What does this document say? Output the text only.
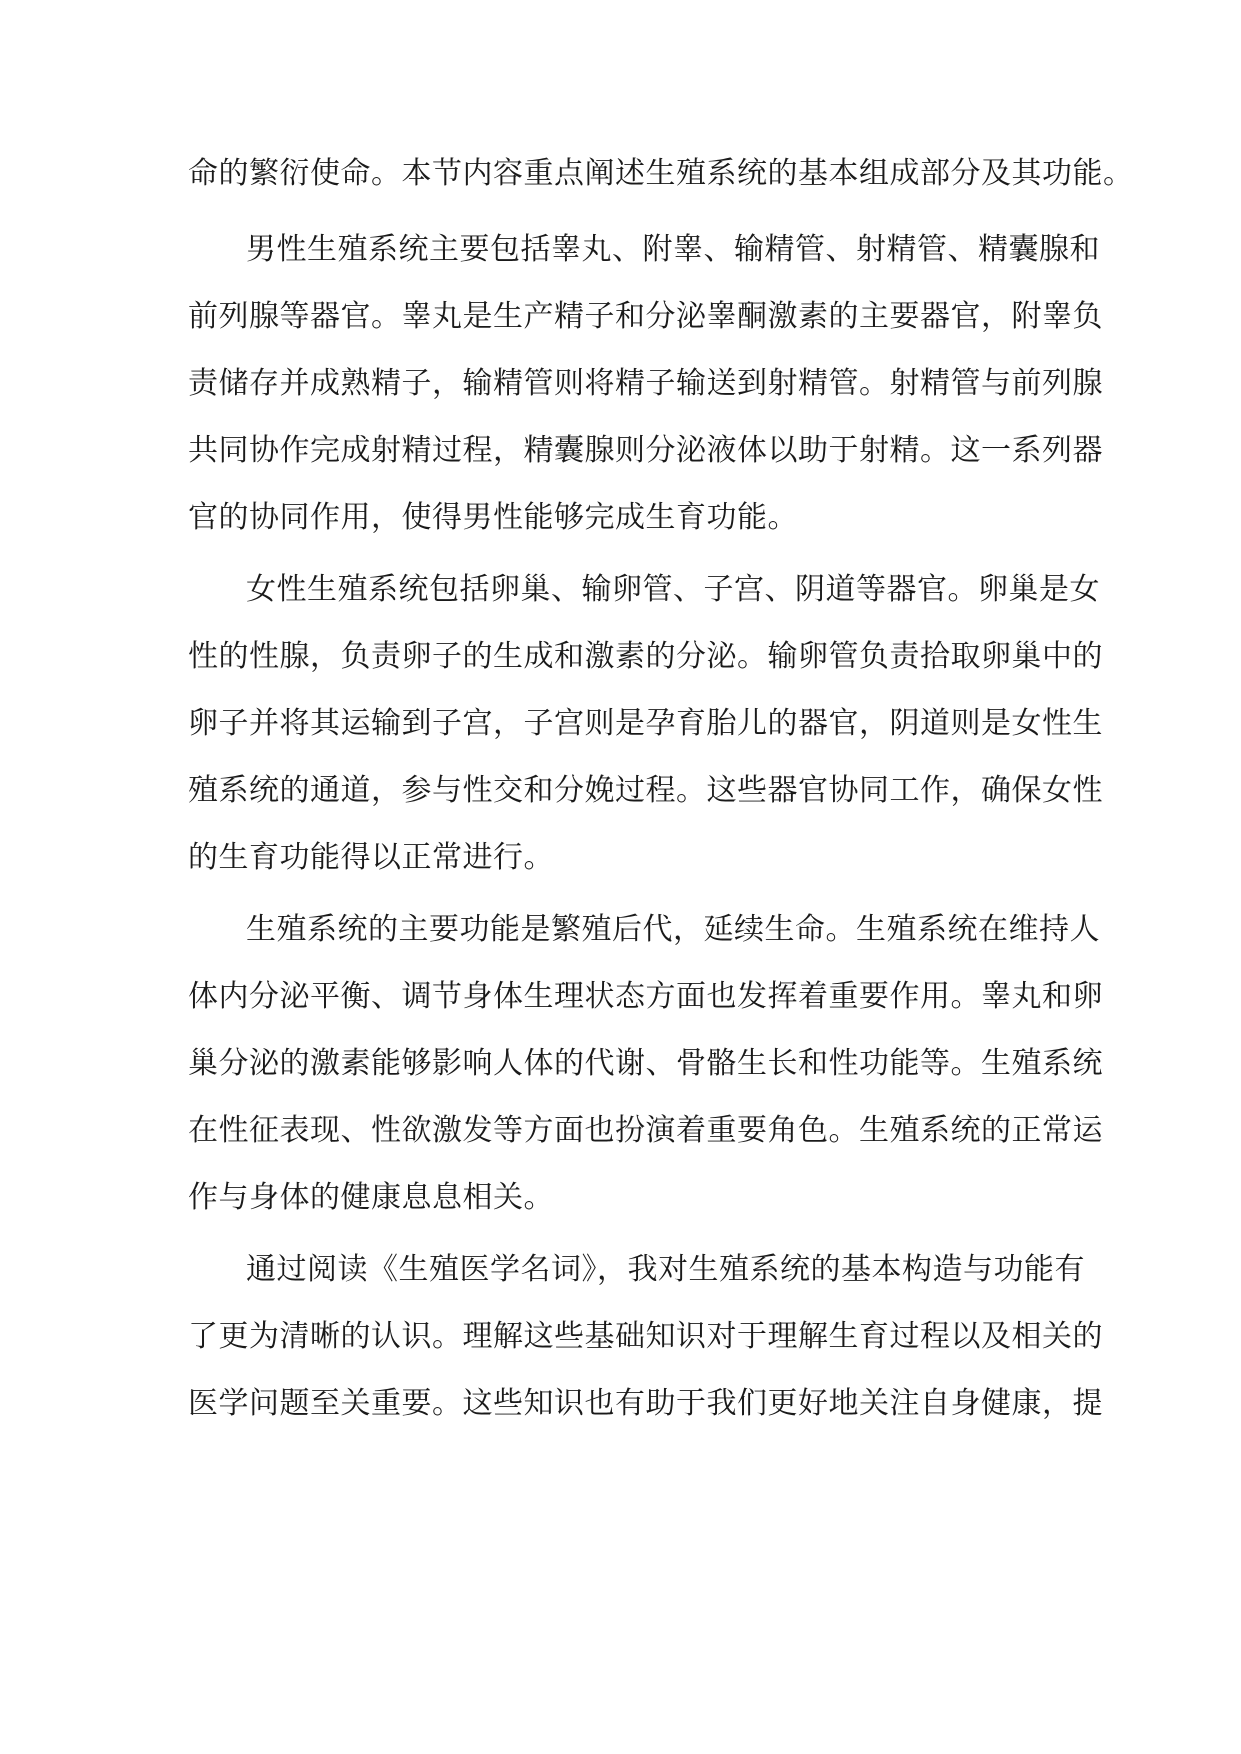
命的繁衍使命。本节内容重点阐述生殖系统的基本组成部分及其功能。
男性生殖系统主要包括睾丸、附睾、输精管、射精管、精囊腺和
前列腺等器官。睾丸是生产精子和分泌睾酮激素的主要器官，附睾负
责储存并成熟精子，输精管则将精子输送到射精管。射精管与前列腺
共同协作完成射精过程，精囊腺则分泌液体以助于射精。这一系列器
官的协同作用，使得男性能够完成生育功能。
女性生殖系统包括卵巢、输卵管、子宫、阴道等器官。卵巢是女
性的性腺，负责卵子的生成和激素的分泌。输卵管负责拾取卵巢中的
卵子并将其运输到子宫，子宫则是孕育胎儿的器官，阴道则是女性生
殖系统的通道，参与性交和分娩过程。这些器官协同工作，确保女性
的生育功能得以正常进行。
生殖系统的主要功能是繁殖后代，延续生命。生殖系统在维持人
体内分泌平衡、调节身体生理状态方面也发挥着重要作用。睾丸和卵
巢分泌的激素能够影响人体的代谢、骨骼生长和性功能等。生殖系统
在性征表现、性欲激发等方面也扮演着重要角色。生殖系统的正常运
作与身体的健康息息相关。
通过阅读《生殖医学名词》，我对生殖系统的基本构造与功能有
了更为清晰的认识。理解这些基础知识对于理解生育过程以及相关的
医学问题至关重要。这些知识也有助于我们更好地关注自身健康，提
